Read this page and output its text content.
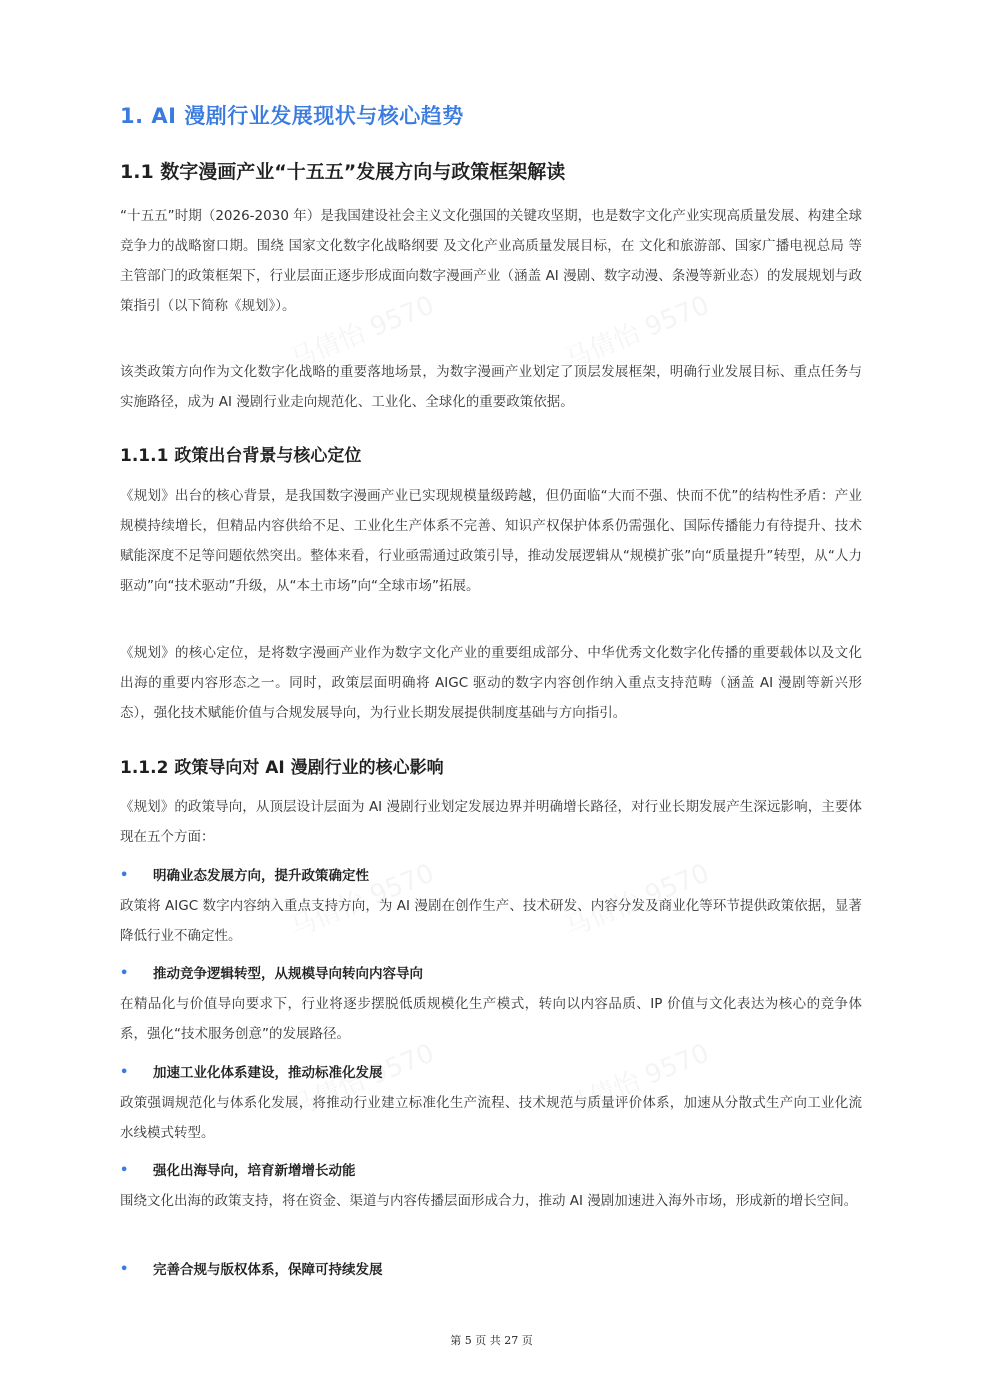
1. AI 漫剧行业发展现状与核心趋势
1.1 数字漫画产业“十五五”发展方向与政策框架解读

“十五五”时期（2026-2030 年）是我国建设社会主义文化强国的关键攻坚期，也是数字文化产业实现高质量发展、构建全球竞争力的战略窗口期。围绕 国家文化数字化战略纲要 及文化产业高质量发展目标，在 文化和旅游部、国家广播电视总局 等主管部门的政策框架下，行业层面正逐步形成面向数字漫画产业（涵盖 AI 漫剧、数字动漫、条漫等新业态）的发展规划与政策指引（以下简称《规划》）。

该类政策方向作为文化数字化战略的重要落地场景，为数字漫画产业划定了顶层发展框架，明确行业发展目标、重点任务与实施路径，成为 AI 漫剧行业走向规范化、工业化、全球化的重要政策依据。

1.1.1 政策出台背景与核心定位

《规划》出台的核心背景，是我国数字漫画产业已实现规模量级跨越，但仍面临“大而不强、快而不优”的结构性矛盾：产业规模持续增长，但精品内容供给不足、工业化生产体系不完善、知识产权保护体系仍需强化、国际传播能力有待提升、技术赋能深度不足等问题依然突出。整体来看，行业亟需通过政策引导，推动发展逻辑从“规模扩张”向“质量提升”转型，从“人力驱动”向“技术驱动”升级，从“本土市场”向“全球市场”拓展。

《规划》的核心定位，是将数字漫画产业作为数字文化产业的重要组成部分、中华优秀文化数字化传播的重要载体以及文化出海的重要内容形态之一。同时，政策层面明确将 AIGC 驱动的数字内容创作纳入重点支持范畴（涵盖 AI 漫剧等新兴形态），强化技术赋能价值与合规发展导向，为行业长期发展提供制度基础与方向指引。

1.1.2 政策导向对 AI 漫剧行业的核心影响

《规划》的政策导向，从顶层设计层面为 AI 漫剧行业划定发展边界并明确增长路径，对行业长期发展产生深远影响，主要体现在五个方面：

• 明确业态发展方向，提升政策确定性

政策将 AIGC 数字内容纳入重点支持方向，为 AI 漫剧在创作生产、技术研发、内容分发及商业化等环节提供政策依据，显著降低行业不确定性。

• 推动竞争逻辑转型，从规模导向转向内容导向

在精品化与价值导向要求下，行业将逐步摆脱低质规模化生产模式，转向以内容品质、IP 价值与文化表达为核心的竞争体系，强化“技术服务创意”的发展路径。

• 加速工业化体系建设，推动标准化发展

政策强调规范化与体系化发展，将推动行业建立标准化生产流程、技术规范与质量评价体系，加速从分散式生产向工业化流水线模式转型。

• 强化出海导向，培育新增增长动能

围绕文化出海的政策支持，将在资金、渠道与内容传播层面形成合力，推动 AI 漫剧加速进入海外市场，形成新的增长空间。

• 完善合规与版权体系，保障可持续发展
第 5 页 共 27 页
